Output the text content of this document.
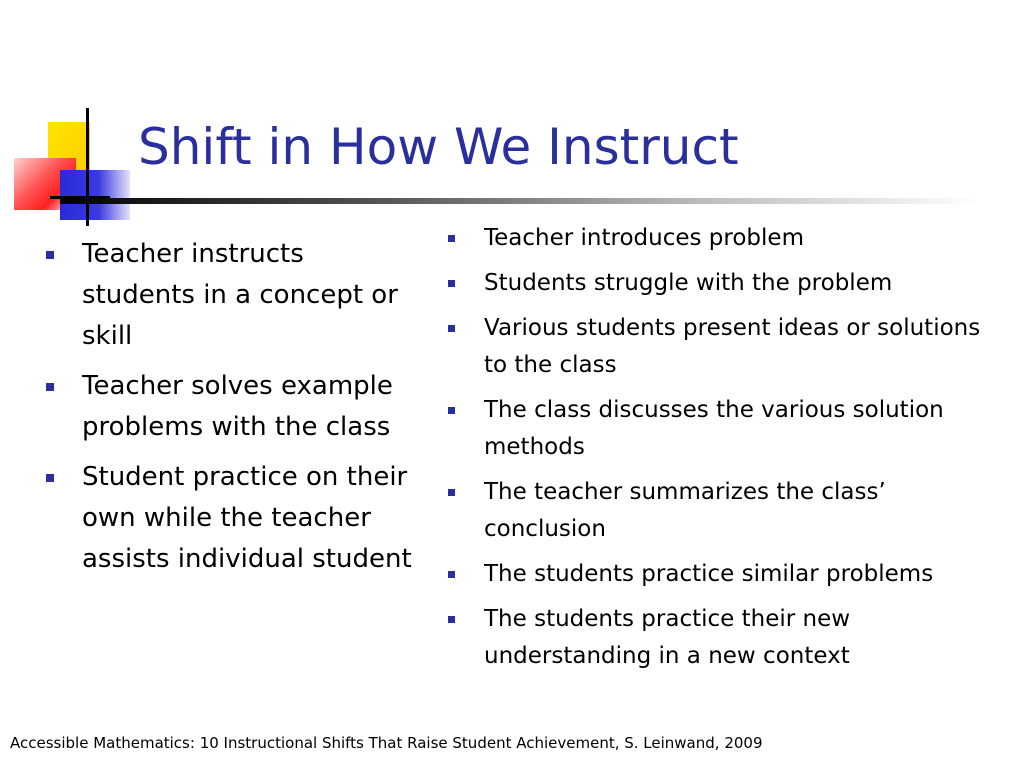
Shift in How We Instruct
Teacher instructs students in a concept or skill
Teacher solves example problems with the class
Student practice on their own while the teacher assists individual student
Teacher introduces problem
Students struggle with the problem
Various students present ideas or solutions to the class
The class discusses the various solution methods
The teacher summarizes the class’ conclusion
The students practice similar problems
The students practice their new understanding in a new context
Accessible Mathematics: 10 Instructional Shifts That Raise Student Achievement, S. Leinwand, 2009
